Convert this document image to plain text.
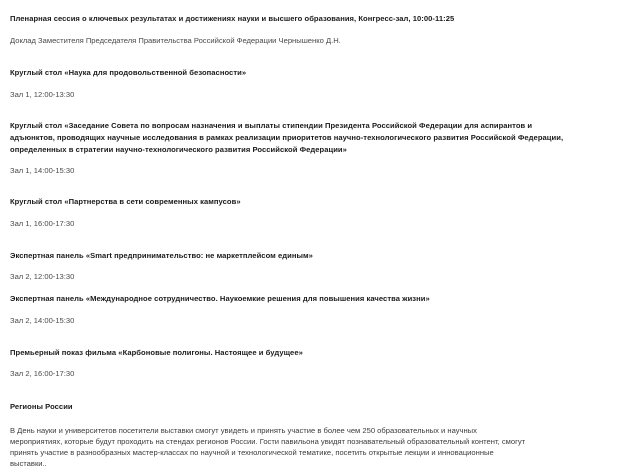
Пленарная сессия о ключевых результатах и достижениях науки и высшего образования, Конгресс-зал, 10:00-11:25
Доклад Заместителя Председателя Правительства Российской Федерации Чернышенко Д.Н.
Круглый стол «Наука для продовольственной безопасности»
Зал 1, 12:00-13:30
Круглый стол «Заседание Совета по вопросам назначения и выплаты стипендии Президента Российской Федерации для аспирантов и
адъюнктов, проводящих научные исследования в рамках реализации приоритетов научно-технологического развития Российской Федерации,
определенных в стратегии научно-технологического развития Российской Федерации»
Зал 1, 14:00-15:30
Круглый стол «Партнерства в сети современных кампусов»
Зал 1, 16:00-17:30
Экспертная панель «Smart предпринимательство: не маркетплейсом единым»
Зал 2, 12:00-13:30
Экспертная панель «Международное сотрудничество. Наукоемкие решения для повышения качества жизни»
Зал 2, 14:00-15:30
Премьерный показ фильма «Карбоновые полигоны. Настоящее и будущее»
Зал 2, 16:00-17:30
Регионы России
В День науки и университетов посетители выставки смогут увидеть и принять участие в более чем 250 образовательных и научных
мероприятиях, которые будут проходить на стендах регионов России. Гости павильона увидят познавательный образовательный контент, смогут
принять участие в разнообразных мастер-классах по научной и технологической тематике, посетить открытые лекции и инновационные
выставки..
